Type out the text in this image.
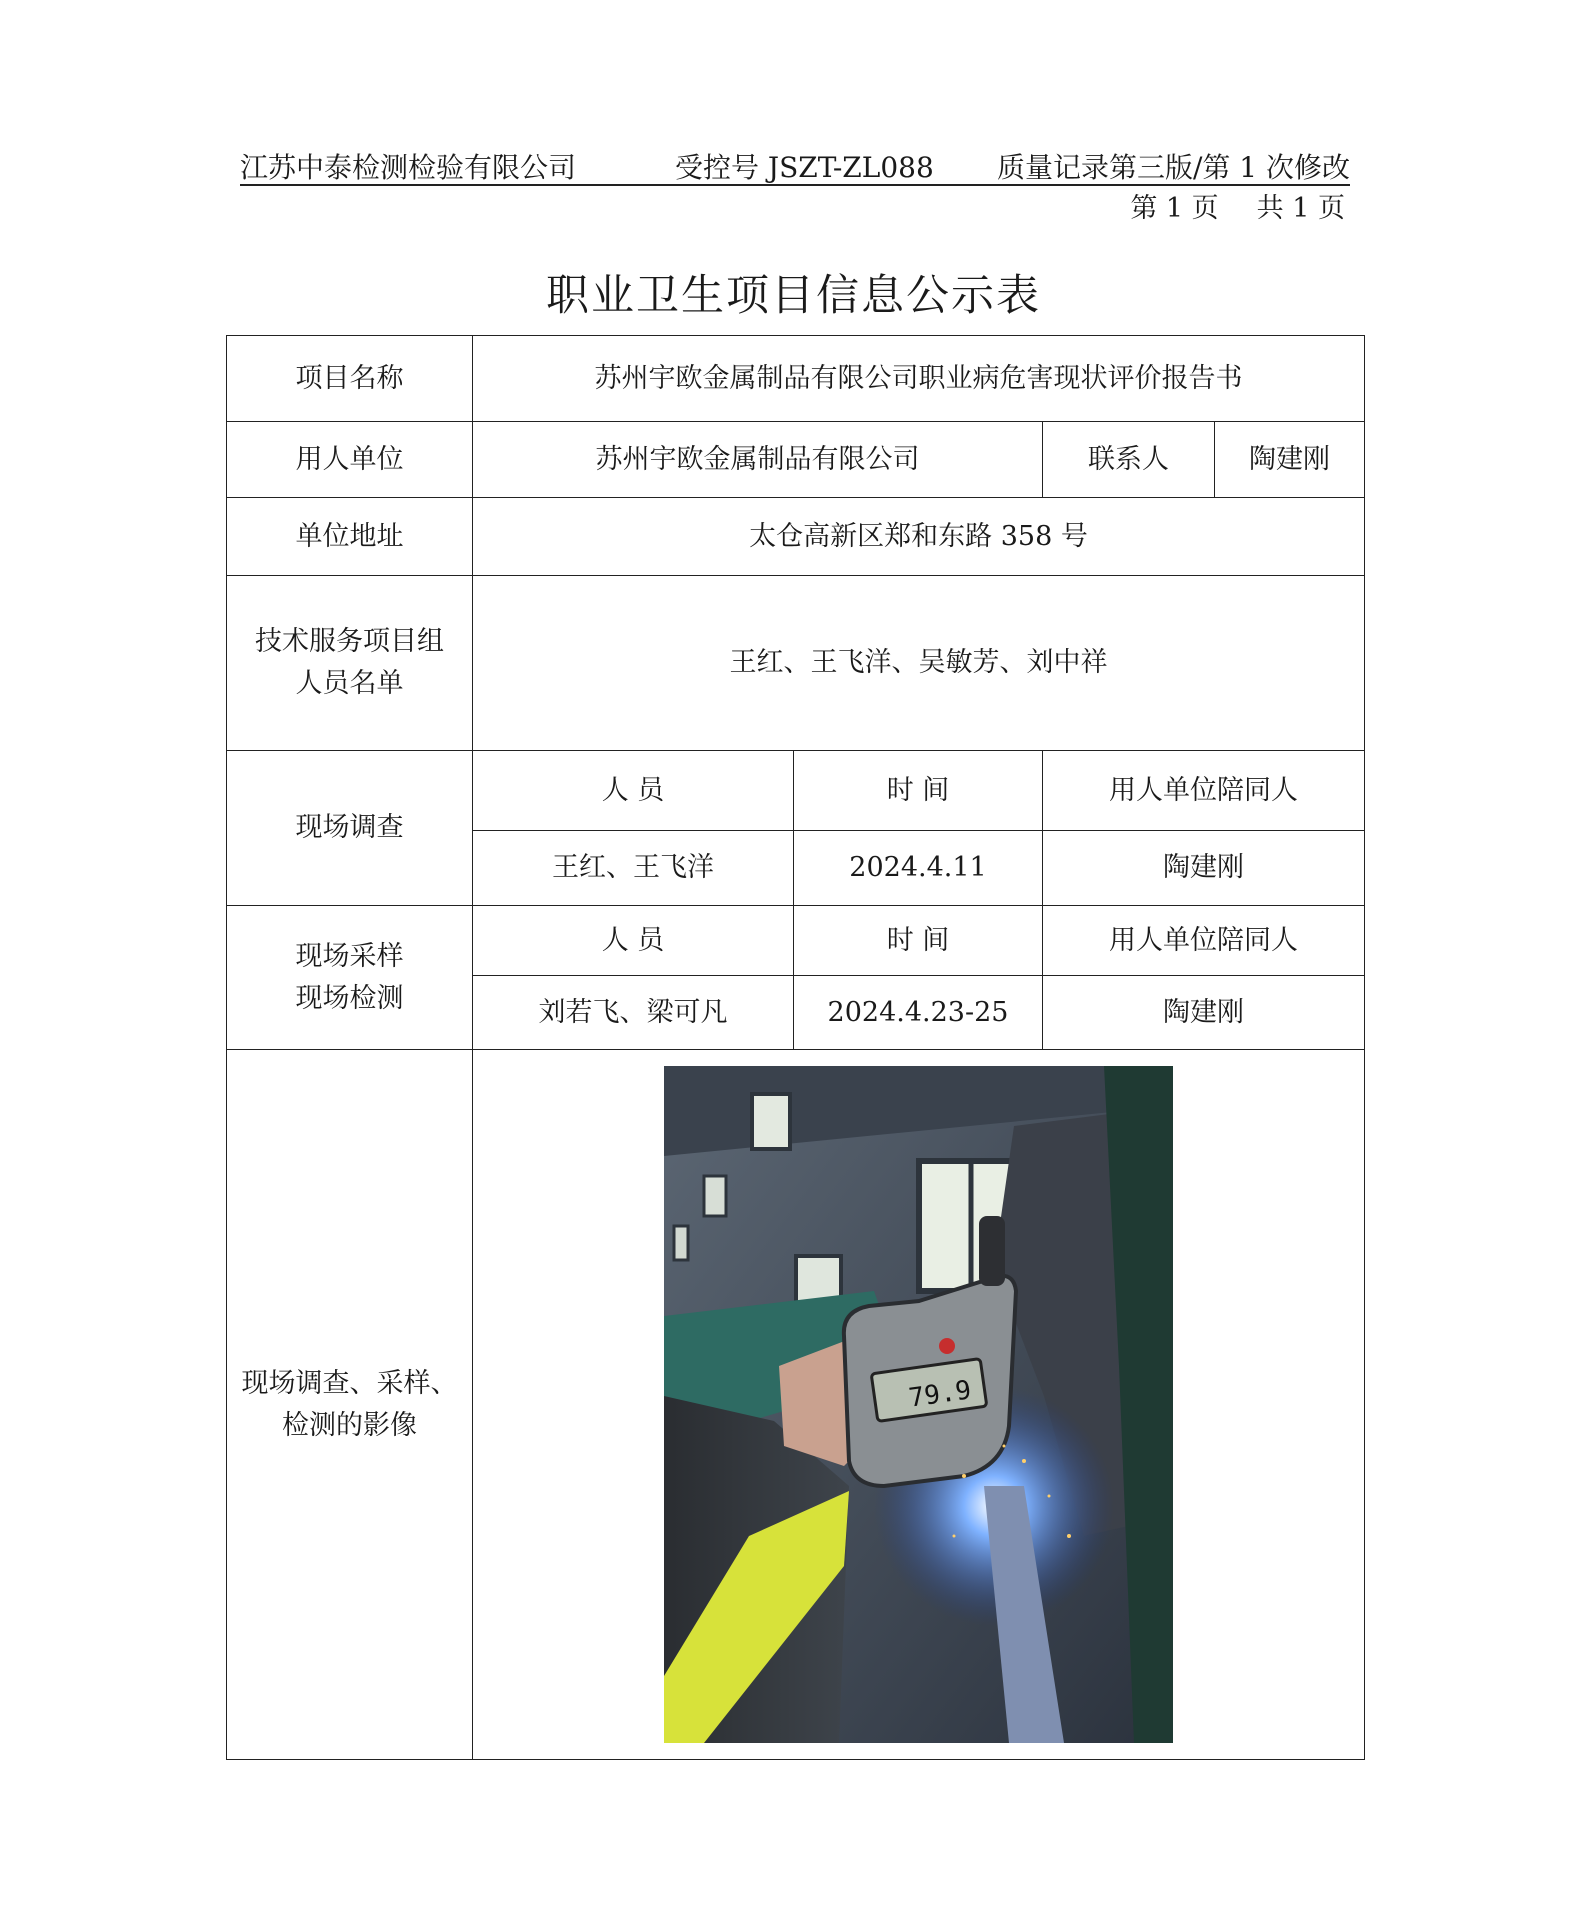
江苏中泰检测检验有限公司	受控号 JSZT-ZL088 质量记录第三版/第 1 次修改
第 1 页 共 1 页
职业卫生项目信息公示表
项目名称	苏州宇欧金属制品有限公司职业病危害现状评价报告书			
用人单位	苏州宇欧金属制品有限公司		联系人	陶建刚
单位地址	太仓高新区郑和东路 358 号			

技术服务项目组
人员名单	王红、王飞洋、吴敏芳、刘中祥			
现场调查	人 员	时 间	用人单位陪同人	
	王红、王飞洋	2024.4.11	陶建刚	

现场采样
现场检测	人 员	时 间	用人单位陪同人	
	刘若飞、梁可凡	2024.4.23-25	陶建刚	

现场调查、采样、
检测的影像	79.9			
